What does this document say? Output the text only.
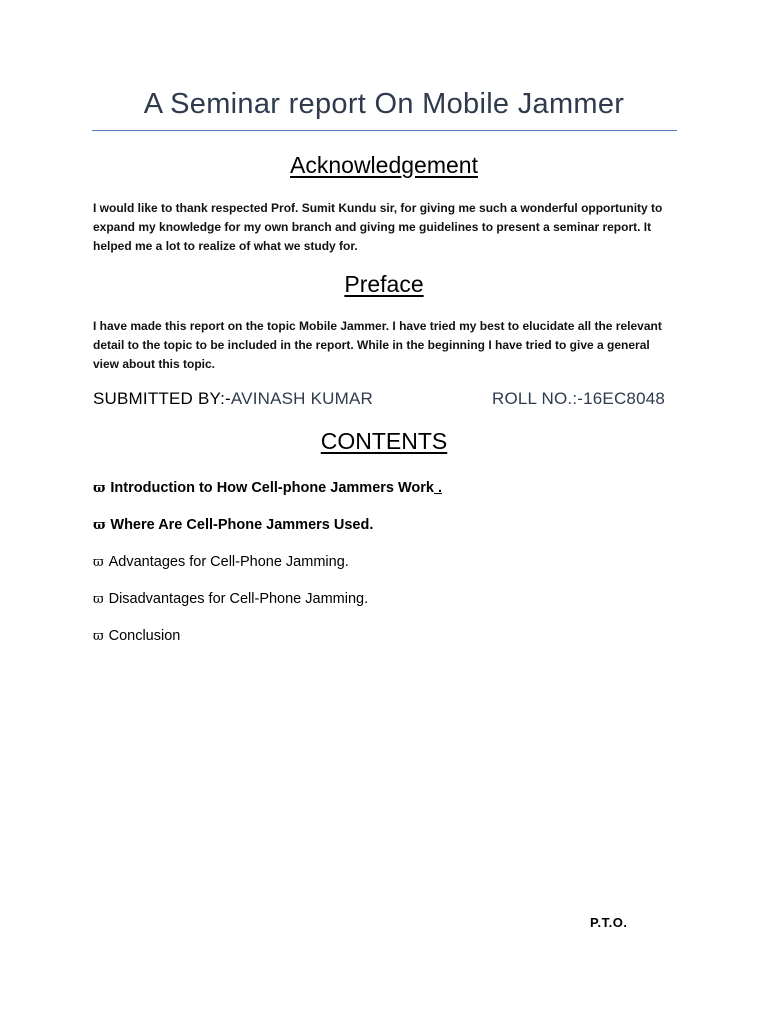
A Seminar report On Mobile Jammer
Acknowledgement

I would like to thank respected Prof. Sumit Kundu sir, for giving me such a wonderful opportunity to expand my knowledge for my own branch and giving me guidelines to present a seminar report. It helped me a lot to realize of what we study for.

Preface

I have made this report on the topic Mobile Jammer. I have tried my best to elucidate all the relevant detail to the topic to be included in the report. While in the beginning I have tried to give a general view about this topic.

SUBMITTED BY:-AVINASH KUMAR	ROLL NO.:-16EC8048
CONTENTS
ϖ Introduction to How Cell-phone Jammers Work .
ϖ Where Are Cell-Phone Jammers Used.
ϖ Advantages for Cell-Phone Jamming.
ϖ Disadvantages for Cell-Phone Jamming.
ϖ Conclusion
P.T.O.
